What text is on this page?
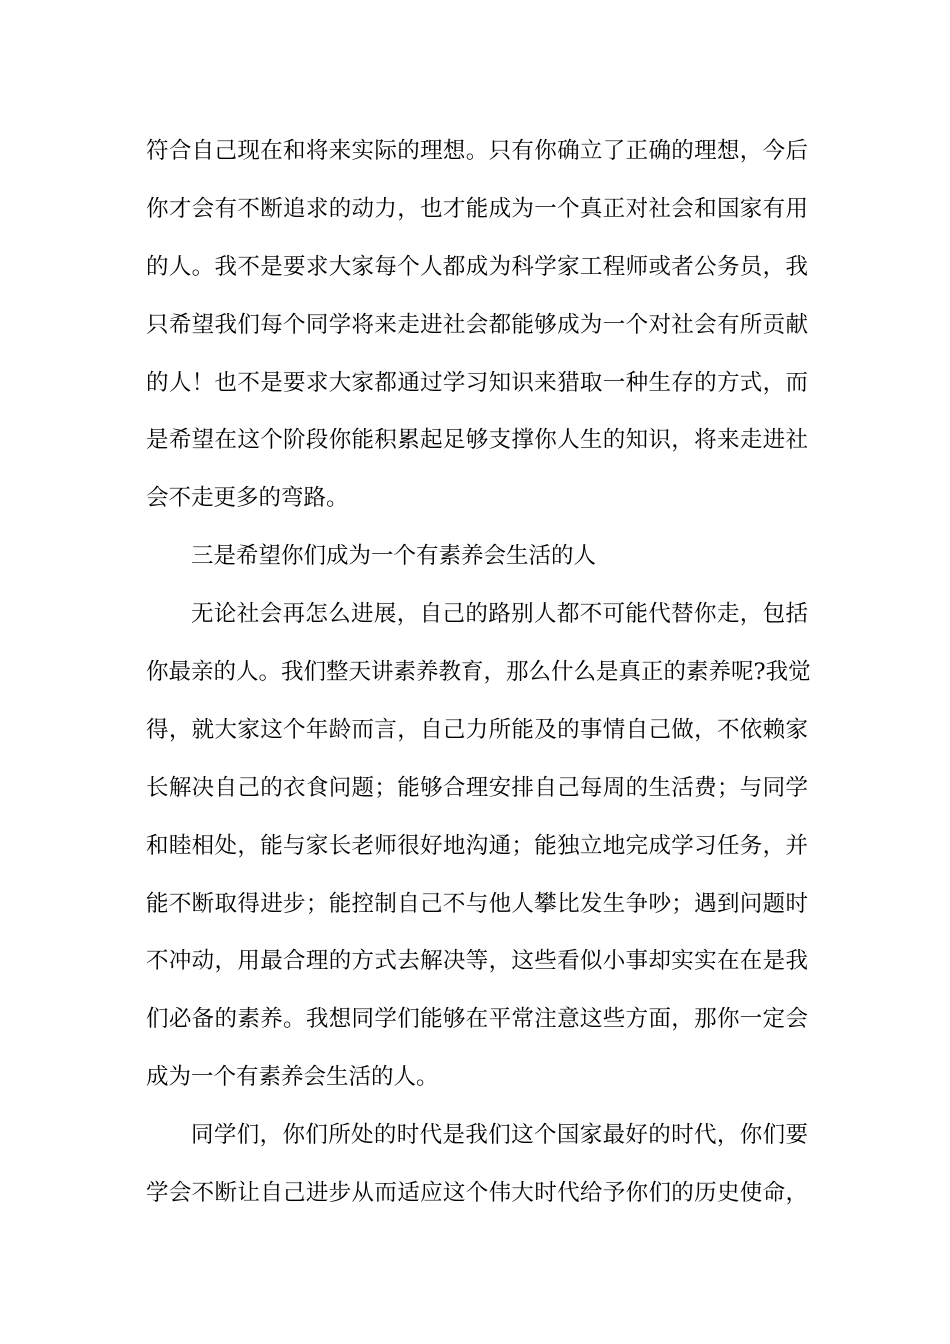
符合自己现在和将来实际的理想。只有你确立了正确的理想，今后
你才会有不断追求的动力，也才能成为一个真正对社会和国家有用
的人。我不是要求大家每个人都成为科学家工程师或者公务员，我
只希望我们每个同学将来走进社会都能够成为一个对社会有所贡献
的人！也不是要求大家都通过学习知识来猎取一种生存的方式，而
是希望在这个阶段你能积累起足够支撑你人生的知识，将来走进社
会不走更多的弯路。
三是希望你们成为一个有素养会生活的人
无论社会再怎么进展，自己的路别人都不可能代替你走，包括
你最亲的人。我们整天讲素养教育，那么什么是真正的素养呢?我觉
得，就大家这个年龄而言，自己力所能及的事情自己做，不依赖家
长解决自己的衣食问题；能够合理安排自己每周的生活费；与同学
和睦相处，能与家长老师很好地沟通；能独立地完成学习任务，并
能不断取得进步；能控制自己不与他人攀比发生争吵；遇到问题时
不冲动，用最合理的方式去解决等，这些看似小事却实实在在是我
们必备的素养。我想同学们能够在平常注意这些方面，那你一定会
成为一个有素养会生活的人。
同学们，你们所处的时代是我们这个国家最好的时代，你们要
学会不断让自己进步从而适应这个伟大时代给予你们的历史使命，
